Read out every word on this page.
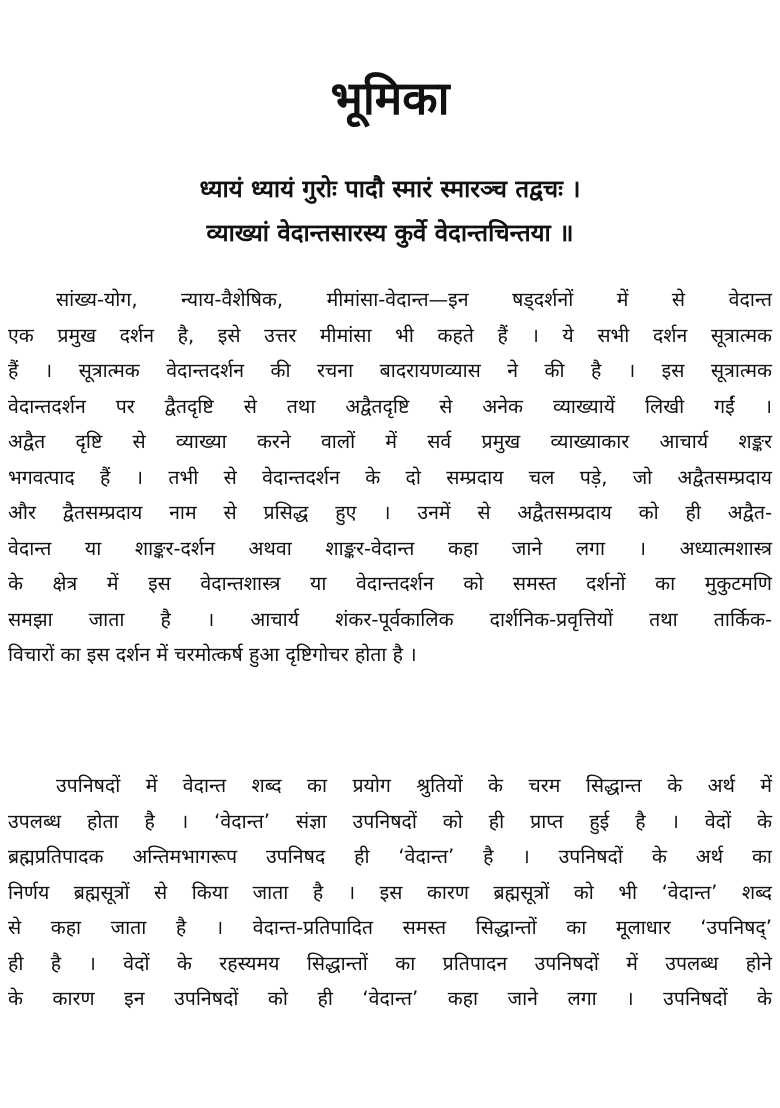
भूमिका
ध्यायं ध्यायं गुरोः पादौ स्मारं स्मारञ्च तद्वचः ।
व्याख्यां वेदान्तसारस्य कुर्वे वेदान्तचिन्तया ॥
सांख्य-योग, न्याय-वैशेषिक, मीमांसा-वेदान्त—इन षड्दर्शनों में से वेदान्त
एक प्रमुख दर्शन है, इसे उत्तर मीमांसा भी कहते हैं । ये सभी दर्शन सूत्रात्मक
हैं । सूत्रात्मक वेदान्तदर्शन की रचना बादरायणव्यास ने की है । इस सूत्रात्मक
वेदान्तदर्शन पर द्वैतदृष्टि से तथा अद्वैतदृष्टि से अनेक व्याख्यायें लिखी गईं ।
अद्वैत दृष्टि से व्याख्या करने वालों में सर्व प्रमुख व्याख्याकार आचार्य शङ्कर
भगवत्पाद हैं । तभी से वेदान्तदर्शन के दो सम्प्रदाय चल पड़े, जो अद्वैतसम्प्रदाय
और द्वैतसम्प्रदाय नाम से प्रसिद्ध हुए । उनमें से अद्वैतसम्प्रदाय को ही अद्वैत-
वेदान्त या शाङ्कर-दर्शन अथवा शाङ्कर-वेदान्त कहा जाने लगा । अध्यात्मशास्त्र
के क्षेत्र में इस वेदान्तशास्त्र या वेदान्तदर्शन को समस्त दर्शनों का मुकुटमणि
समझा जाता है । आचार्य शंकर-पूर्वकालिक दार्शनिक-प्रवृत्तियों तथा तार्किक-
विचारों का इस दर्शन में चरमोत्कर्ष हुआ दृष्टिगोचर होता है ।
उपनिषदों में वेदान्त शब्द का प्रयोग श्रुतियों के चरम सिद्धान्त के अर्थ में
उपलब्ध होता है । ‘वेदान्त’ संज्ञा उपनिषदों को ही प्राप्त हुई है । वेदों के
ब्रह्मप्रतिपादक अन्तिमभागरूप उपनिषद ही ‘वेदान्त’ है । उपनिषदों के अर्थ का
निर्णय ब्रह्मसूत्रों से किया जाता है । इस कारण ब्रह्मसूत्रों को भी ‘वेदान्त’ शब्द
से कहा जाता है । वेदान्त-प्रतिपादित समस्त सिद्धान्तों का मूलाधार ‘उपनिषद्’
ही है । वेदों के रहस्यमय सिद्धान्तों का प्रतिपादन उपनिषदों में उपलब्ध होने
के कारण इन उपनिषदों को ही ‘वेदान्त’ कहा जाने लगा । उपनिषदों के
